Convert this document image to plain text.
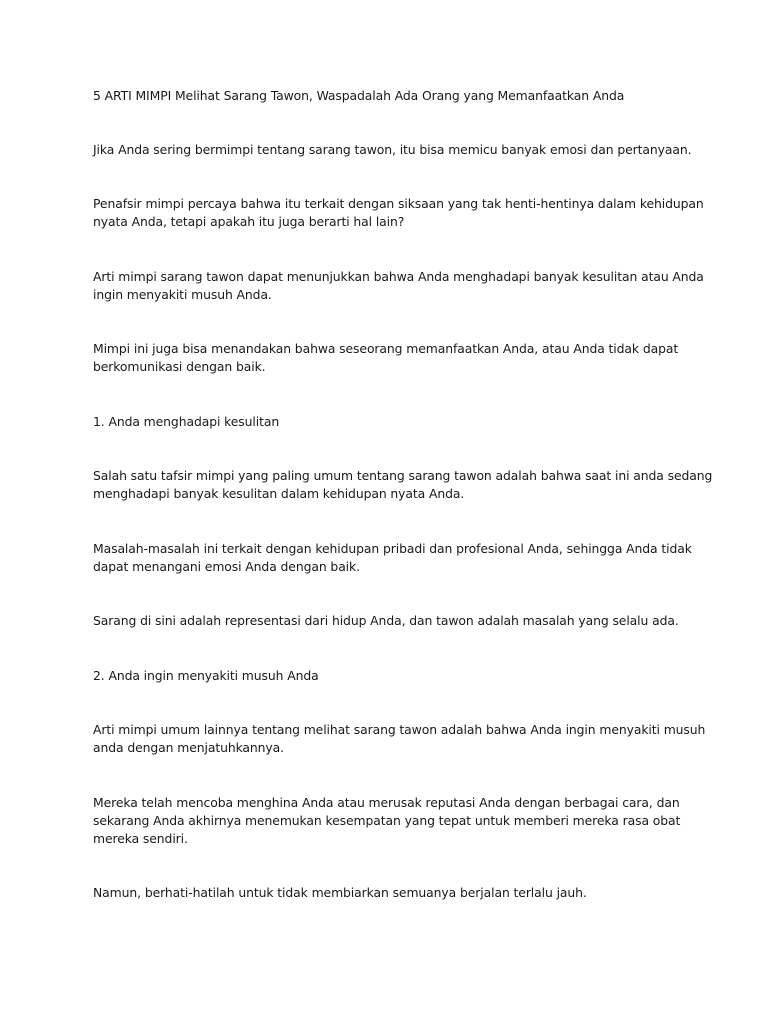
5 ARTI MIMPI Melihat Sarang Tawon, Waspadalah Ada Orang yang Memanfaatkan Anda
Jika Anda sering bermimpi tentang sarang tawon, itu bisa memicu banyak emosi dan pertanyaan.
Penafsir mimpi percaya bahwa itu terkait dengan siksaan yang tak henti-hentinya dalam kehidupan
nyata Anda, tetapi apakah itu juga berarti hal lain?
Arti mimpi sarang tawon dapat menunjukkan bahwa Anda menghadapi banyak kesulitan atau Anda
ingin menyakiti musuh Anda.
Mimpi ini juga bisa menandakan bahwa seseorang memanfaatkan Anda, atau Anda tidak dapat
berkomunikasi dengan baik.
1. Anda menghadapi kesulitan
Salah satu tafsir mimpi yang paling umum tentang sarang tawon adalah bahwa saat ini anda sedang
menghadapi banyak kesulitan dalam kehidupan nyata Anda.
Masalah-masalah ini terkait dengan kehidupan pribadi dan profesional Anda, sehingga Anda tidak
dapat menangani emosi Anda dengan baik.
Sarang di sini adalah representasi dari hidup Anda, dan tawon adalah masalah yang selalu ada.
2. Anda ingin menyakiti musuh Anda
Arti mimpi umum lainnya tentang melihat sarang tawon adalah bahwa Anda ingin menyakiti musuh
anda dengan menjatuhkannya.
Mereka telah mencoba menghina Anda atau merusak reputasi Anda dengan berbagai cara, dan
sekarang Anda akhirnya menemukan kesempatan yang tepat untuk memberi mereka rasa obat
mereka sendiri.
Namun, berhati-hatilah untuk tidak membiarkan semuanya berjalan terlalu jauh.
